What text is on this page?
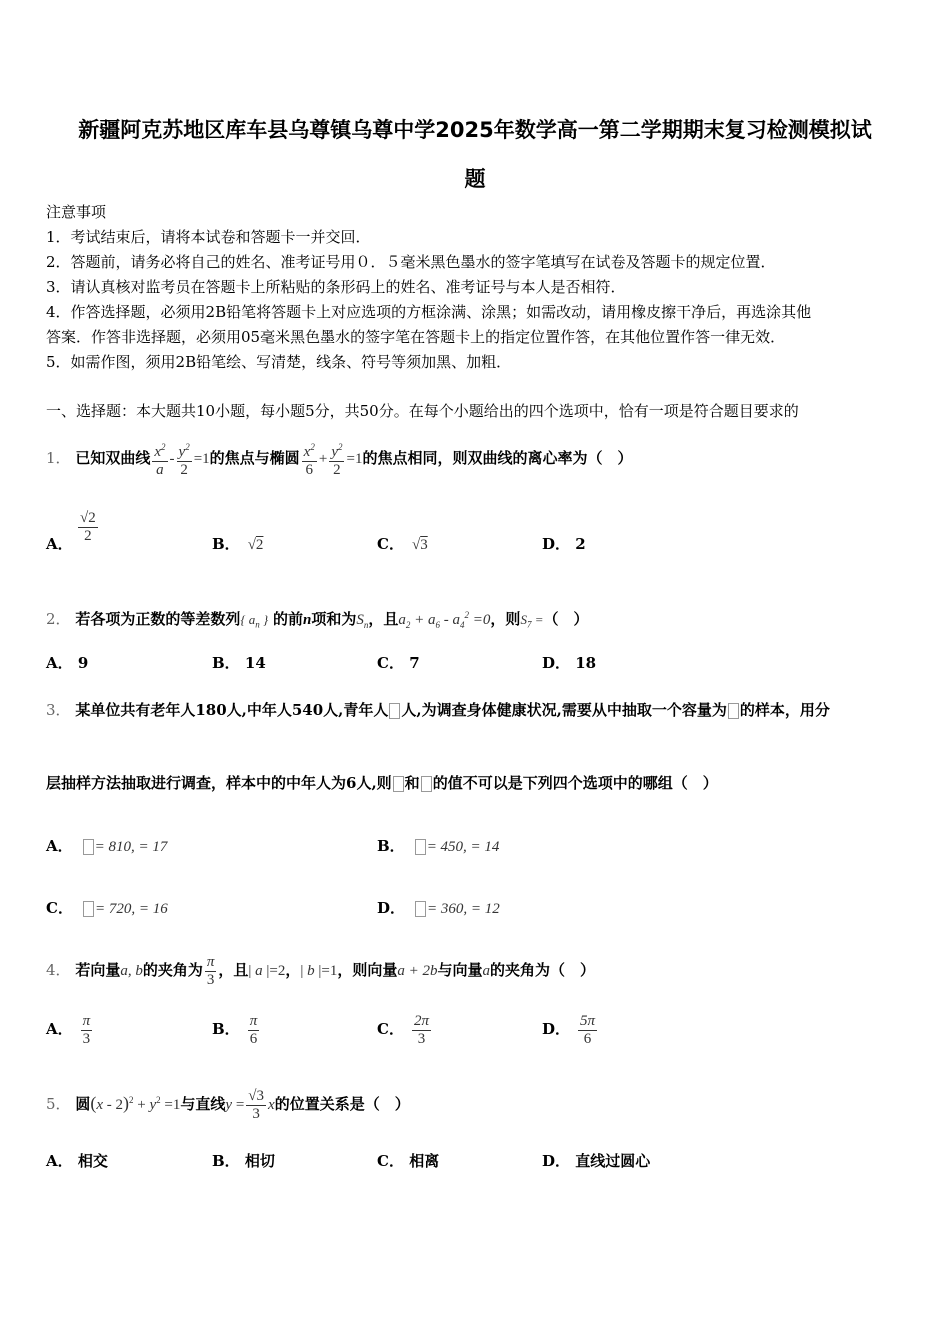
新疆阿克苏地区库车县乌尊镇乌尊中学2025年数学高一第二学期期末复习检测模拟试
题
注意事项
1．考试结束后，请将本试卷和答题卡一并交回．
2．答题前，请务必将自己的姓名、准考证号用０．５毫米黑色墨水的签字笔填写在试卷及答题卡的规定位置．
3．请认真核对监考员在答题卡上所粘贴的条形码上的姓名、准考证号与本人是否相符．
4．作答选择题，必须用2B铅笔将答题卡上对应选项的方框涂满、涂黑；如需改动，请用橡皮擦干净后，再选涂其他
答案．作答非选择题，必须用05毫米黑色墨水的签字笔在答题卡上的指定位置作答，在其他位置作答一律无效．
5．如需作图，须用2B铅笔绘、写清楚，线条、符号等须加黑、加粗．
一、选择题：本大题共10小题，每小题5分，共50分。在每个小题给出的四个选项中，恰有一项是符合题目要求的
1． 已知双曲线 $\frac{x^2}{a} - \frac{y^2}{2} =1$的焦点与椭圆 $\frac{x^2}{6} + \frac{y^2}{2} =1$的焦点相同，则双曲线的离心率为（　）
A． $\frac{√2}{2}$	B． √2	C． √3	D． 2
2． 若各项为正数的等差数列{ $a_n$ } 的前n项和为$S_n$，且$a_2 + a_6 - a_4^2 =0$，则$S_7$ =（　）
A． 9	B． 14	C． 7	D． 18
3． 某单位共有老年人180人,中年人540人,青年人 人,为调查身体健康状况,需要从中抽取一个容量为 的样本，用分
层抽样方法抽取进行调查，样本中的中年人为6人,则 和 的值不可以是下列四个选项中的哪组（　）
A． = 810, = 17	B． = 450, = 14
C． = 720, = 16	D． = 360, = 12
4． 若向量a, b的夹角为 $\frac{\pi}{3}$ ，且| a |=2，| b |=1，则向量a + 2b与向量a的夹角为（　）
A． $\frac{\pi}{3}$	B． $\frac{\pi}{6}$	C． $\frac{2\pi}{3}$	D． $\frac{5\pi}{6}$
5． 圆$(x - 2)^2 + y^2 =1$与直线$y = \frac{√3}{3}$ x的位置关系是（　）
A． 相交	B． 相切	C． 相离	D． 直线过圆心
